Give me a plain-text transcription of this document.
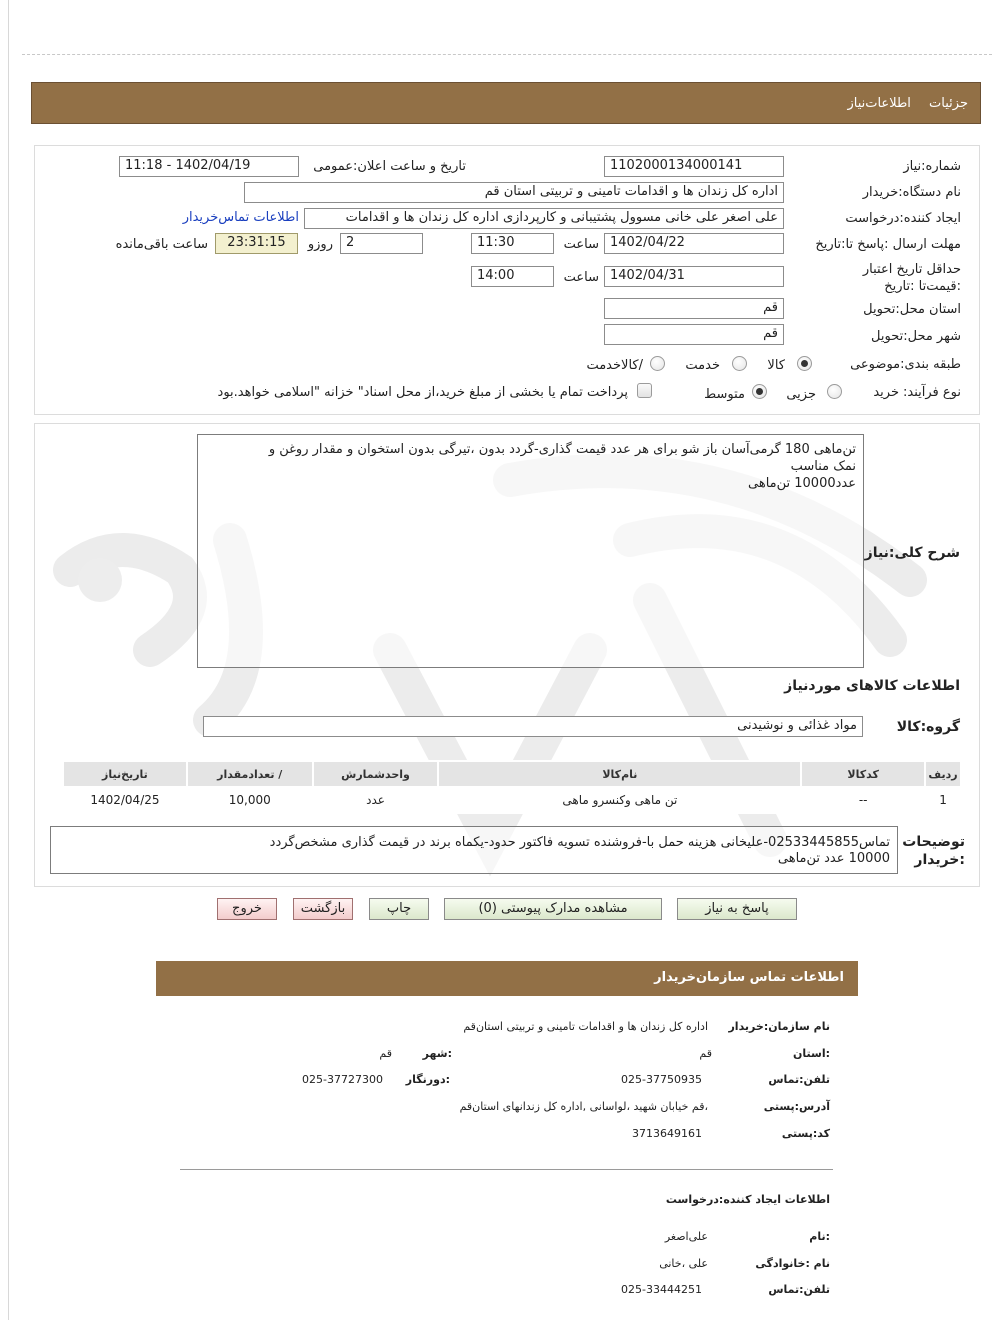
جزئیات اطلاعات‌نیاز
شماره:نیاز
1102000134000141
تاریخ و ساعت اعلان:عمومی
1402/04/19 - 11:18
نام دستگاه:خریدار
اداره کل زندان ها و اقدامات تامینی و تربیتی استان قم
ایجاد کننده:درخواست
علی اصغر علی خانی مسوول پشتیبانی و کارپردازی اداره کل زندان ها و اقدامات
اطلاعات تماس‌خریدار
مهلت ارسال :پاسخ تا:تاریخ
1402/04/22
ساعت
11:30
2
روزو
23:31:15
ساعت باقی‌مانده
حداقل تاریخ اعتبار :قیمت‌تا :تاریخ
1402/04/31
ساعت
14:00
استان محل:تحویل
قم
شهر محل:تحویل
قم
طبقه بندی:موضوعی
کالا
خدمت
/کالاخدمت
نوع فرآیند:
خرید
جزیی
متوسط
پرداخت تمام یا بخشی از مبلغ خرید،از محل اسناد" خزانه "اسلامی خواهد.بود
تن‌ماهی 180 گرمی‌آسان باز شو برای هر عدد قیمت گذاری-گردد بدون ،تیرگی بدون استخوان و مقدار روغن و
نمک مناسب
عدد10000 تن‌ماهی
شرح کلی:نیاز
اطلاعات کالاهای موردنیاز
گروه:کالا
مواد غذائی و نوشیدنی
ردیف	کدکالا	نام‌کالا	واحدشمارش	/ تعدادمقدار	تاریخ‌نیاز
1	--	تن ماهی وکنسرو ماهی	عدد	10,000	1402/04/25
توضیحات
:خریدار
تماس02533445855-علیخانی هزینه حمل با-فروشنده تسویه فاکتور حدود-یکماه برند در قیمت گذاری مشخص‌گردد
10000 عدد تن‌ماهی
پاسخ به نیاز
مشاهده مدارک پیوستی (0)
چاپ
بازگشت
خروج
اطلاعات تماس سازمان‌خریدار
نام سازمان:خریدار
اداره کل زندان ها و اقدامات تامینی و تربیتی استان‌قم
:استان
قم
:شهر
قم
تلفن:تماس
025-37750935
:دورنگار
025-37727300
آدرس:پستی
،قم خیابان شهید ،لواسانی ,اداره کل زندانهای استان‌قم
کد:پستی
3713649161
اطلاعات ایجاد کننده:درخواست
:نام
علی‌اصغر
نام :خانوادگی
علی ،خانی
تلفن:تماس
025-33444251
